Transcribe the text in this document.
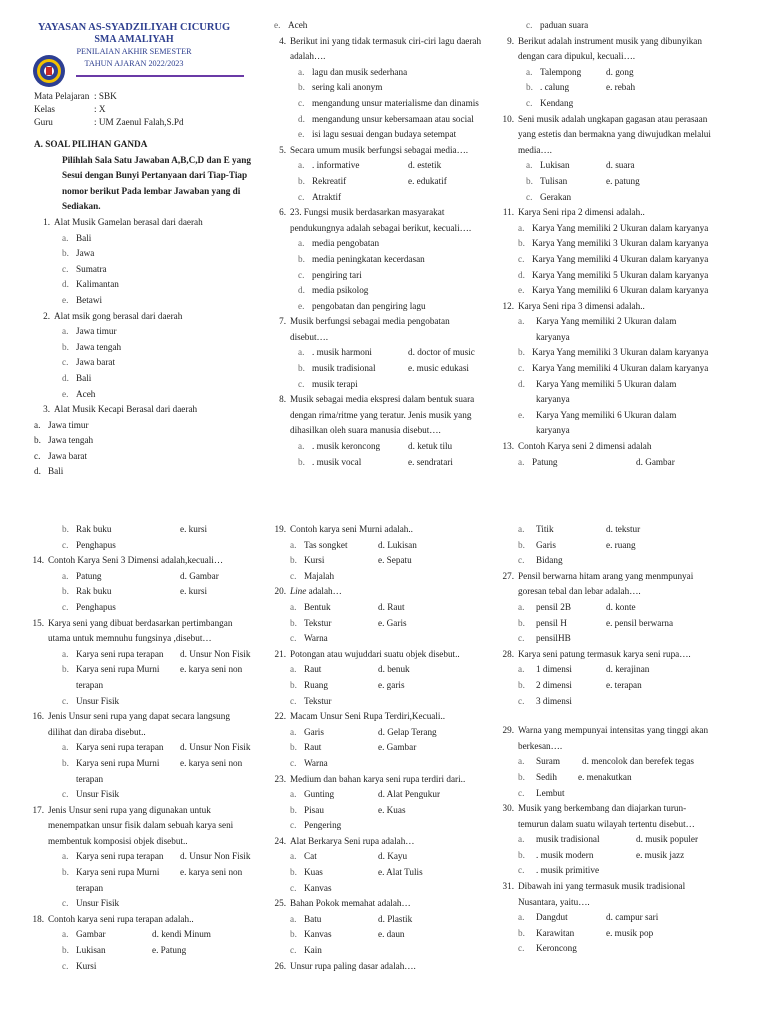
YAYASAN AS-SYADZILIYAH CICURUG
SMA AMALIYAH
PENILAIAN AKHIR SEMESTER
TAHUN AJARAN 2022/2023
Mata Pelajaran : SBK
Kelas	: X
Guru	: UM Zaenul Falah,S.Pd
A. SOAL PILIHAN GANDA
Pilihlah Sala Satu Jawaban A,B,C,D dan E yang
Sesui dengan Bunyi Pertanyaan dari Tiap-Tiap
nomor berikut Pada lembar Jawaban yang di
Sediakan.
1. Alat Musik Gamelan berasal dari daerah
a. Bali
b. Jawa
c. Sumatra
d. Kalimantan
e. Betawi
2. Alat msik gong berasal dari daerah
a. Jawa timur
b. Jawa tengah
c. Jawa barat
d. Bali
e. Aceh
3. Alat Musik Kecapi Berasal dari daerah
a. Jawa timur
b. Jawa tengah
c. Jawa barat
d. Bali
e. Aceh
4. Berikut ini yang tidak termasuk ciri-ciri lagu daerah
adalah….
a. lagu dan musik sederhana
b. sering kali anonym
c. mengandung unsur materialisme dan dinamis
d. mengandung unsur kebersamaan atau social
e. isi lagu sesuai dengan budaya setempat
5. Secara umum musik berfungsi sebagai media….
a. . informative	d. estetik
b. Rekreatif	e. edukatif
c. Atraktif
6. 23. Fungsi musik berdasarkan masyarakat
pendukungnya adalah sebagai berikut, kecuali….
a. media pengobatan
b. media peningkatan kecerdasan
c. pengiring tari
d. media psikolog
e. pengobatan dan pengiring lagu
7. Musik berfungsi sebagai media pengobatan
disebut….
a. . musik harmoni	d. doctor of music
b. musik tradisional	e. music edukasi
c. musik terapi
8. Musik sebagai media ekspresi dalam bentuk suara
dengan rima/ritme yang teratur. Jenis musik yang
dihasilkan oleh suara manusia disebut….
a. . musik keroncong	d. ketuk tilu
b. . musik vocal	e. sendratari
c. paduan suara
9. Berikut adalah instrument musik yang dibunyikan
dengan cara dipukul, kecuali….
a. Talempong	d. gong
b. . calung	e. rebah
c. Kendang
10. Seni musik adalah ungkapan gagasan atau perasaan
yang estetis dan bermakna yang diwujudkan melalui
media….
a. Lukisan	d. suara
b. Tulisan	e. patung
c. Gerakan
11. Karya Seni ripa 2 dimensi adalah..
a. Karya Yang memiliki 2 Ukuran dalam karyanya
b. Karya Yang memiliki 3 Ukuran dalam karyanya
c. Karya Yang memiliki 4 Ukuran dalam karyanya
d. Karya Yang memiliki 5 Ukuran dalam karyanya
e. Karya Yang memiliki 6 Ukuran dalam karyanya
12. Karya Seni ripa 3 dimensi adalah..
a. Karya Yang memiliki 2 Ukuran dalam
karyanya
b. Karya Yang memiliki 3 Ukuran dalam karyanya
c. Karya Yang memiliki 4 Ukuran dalam karyanya
d. Karya Yang memiliki 5 Ukuran dalam
karyanya
e. Karya Yang memiliki 6 Ukuran dalam
karyanya
13. Contoh Karya seni 2 dimensi adalah
a. Patung	d. Gambar
b. Rak buku	e. kursi
c. Penghapus
14. Contoh Karya Seni 3 Dimensi adalah,kecuali…
a. Patung	d. Gambar
b. Rak buku	e. kursi
c. Penghapus
15. Karya seni yang dibuat berdasarkan pertimbangan
utama untuk memnuhu fungsinya ,disebut…
a. Karya seni rupa terapan d. Unsur Non Fisik
b. Karya seni rupa Murni e. karya seni non
terapan
c. Unsur Fisik
16. Jenis Unsur seni rupa yang dapat secara langsung
dilihat dan diraba disebut..
a. Karya seni rupa terapan d. Unsur Non Fisik
b. Karya seni rupa Murni e. karya seni non
terapan
c. Unsur Fisik
17. Jenis Unsur seni rupa yang digunakan untuk
menempatkan unsur fisik dalam sebuah karya seni
membentuk komposisi objek disebut..
a. Karya seni rupa terapan d. Unsur Non Fisik
b. Karya seni rupa Murni e. karya seni non
terapan
c. Unsur Fisik
18. Contoh karya seni rupa terapan adalah..
a. Gambar	d. kendi Minum
b. Lukisan	e. Patung
c. Kursi
19. Contoh karya seni Murni adalah..
a. Tas songket	d. Lukisan
b. Kursi	e. Sepatu
c. Majalah
20. Line adalah…
a. Bentuk	d. Raut
b. Tekstur	e. Garis
c. Warna
21. Potongan atau wujuddari suatu objek disebut..
a. Raut	d. benuk
b. Ruang	e. garis
c. Tekstur
22. Macam Unsur Seni Rupa Terdiri,Kecuali..
a. Garis	d. Gelap Terang
b. Raut	e. Gambar
c. Warna
23. Medium dan bahan karya seni rupa terdiri dari..
a. Gunting	d. Alat Pengukur
b. Pisau	e. Kuas
c. Pengering
24. Alat Berkarya Seni rupa adalah…
a. Cat	d. Kayu
b. Kuas	e. Alat Tulis
c. Kanvas
25. Bahan Pokok memahat adalah…
a. Batu	d. Plastik
b. Kanvas	e. daun
c. Kain
26. Unsur rupa paling dasar adalah….
a. Titik	d. tekstur
b. Garis	e. ruang
c. Bidang
27. Pensil berwarna hitam arang yang menmpunyai
goresan tebal dan lebar adalah….
a. pensil 2B	d. konte
b. pensil H	e. pensil berwarna
c. pensilHB
28. Karya seni patung termasuk karya seni rupa….
a. 1 dimensi	d. kerajinan
b. 2 dimensi	e. terapan
c. 3 dimensi
29. Warna yang mempunyai intensitas yang tinggi akan
berkesan….
a. Suram d. mencolok dan berefek tegas
b. Sedih e. menakutkan
c. Lembut
30. Musik yang berkembang dan diajarkan turun-
temurun dalam suatu wilayah tertentu disebut…
a. musik tradisional	d. musik populer
b. . musik modern	e. musik jazz
c. . musik primitive
31. Dibawah ini yang termasuk musik tradisional
Nusantara, yaitu….
a. Dangdut	d. campur sari
b. Karawitan	e. musik pop
c. Keroncong
